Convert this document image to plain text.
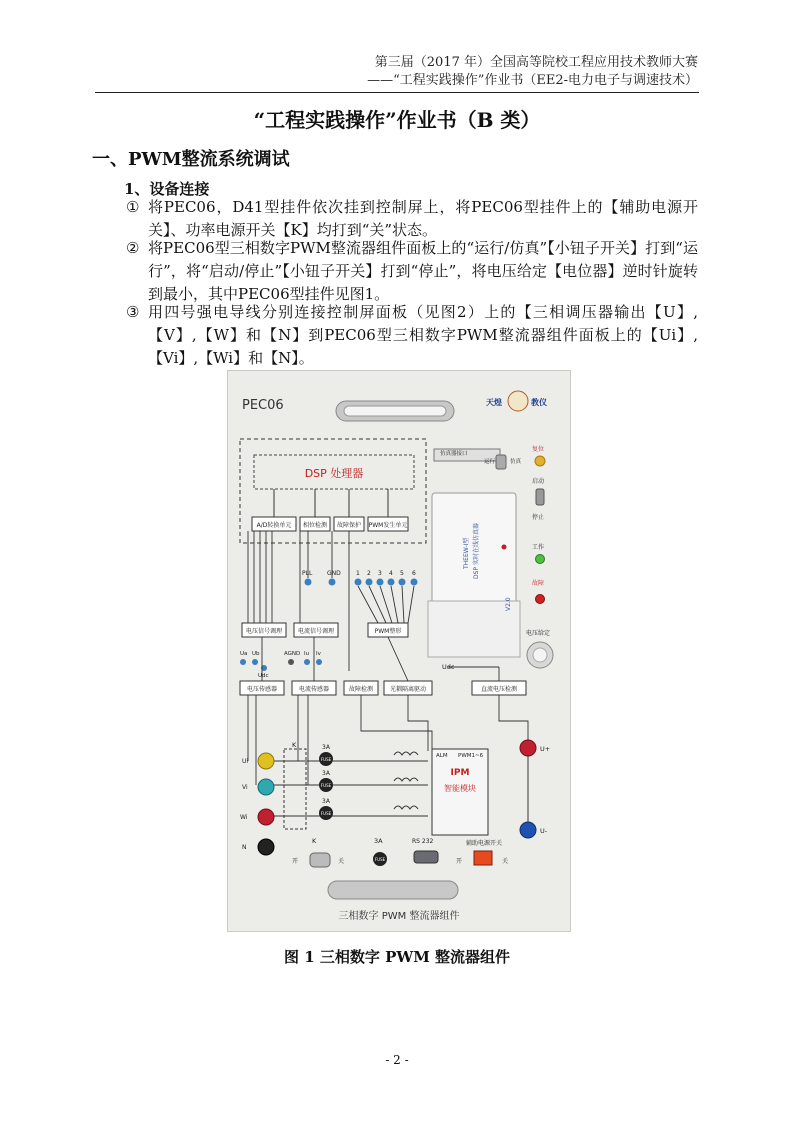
第三届（2017 年）全国高等院校工程应用技术教师大赛
——“工程实践操作”作业书（EE2-电力电子与调速技术）
“工程实践操作”作业书（B 类）
一、PWM整流系统调试
1、设备连接
① 将PEC06，D41型挂件依次挂到控制屏上，将PEC06型挂件上的【辅助电源开关】、功率电源开关【K】均打到“关”状态。
② 将PEC06型三相数字PWM整流器组件面板上的“运行/仿真”【小钮子开关】打到“运行”，将“启动/停止”【小钮子开关】打到“停止”，将电压给定【电位器】逆时针旋转到最小，其中PEC06型挂件见图1。
③ 用四号强电导线分别连接控制屏面板（见图2）上的【三相调压器输出【U】,【V】,【W】和【N】到PEC06型三相数字PWM整流器组件面板上的【Ui】,【Vi】,【Wi】和【N】。
PEC06	天煌	教仪
DSP 处理器
A/D转换单元 相位检测 故障保护 PWM发生单元
PLL GND	1 2 3 4 5 6
电压信号调理	电流信号调理	PWM整形
Ua Ub
Udc
AGND Iu Iv
电压传感器	电流传感器	故障检测	光耦隔离驱动	直流电压检测
Udc
仿真器接口
运行	仿真
THEEW-I型 DSP 实时在线仿真器
V2.0
复位
启动
停止
工作
故障
电压给定
ALM PWM1~6
IPM
智能模块
K	3A
3A
3A
FUSE
FUSE
FUSE
Ui
Vi
Wi
N
U+
U-
K
开	关
3A
FUSE
RS 232	辅助电源开关
开	关
三相数字 PWM 整流器组件
图 1 三相数字 PWM 整流器组件
- 2 -
